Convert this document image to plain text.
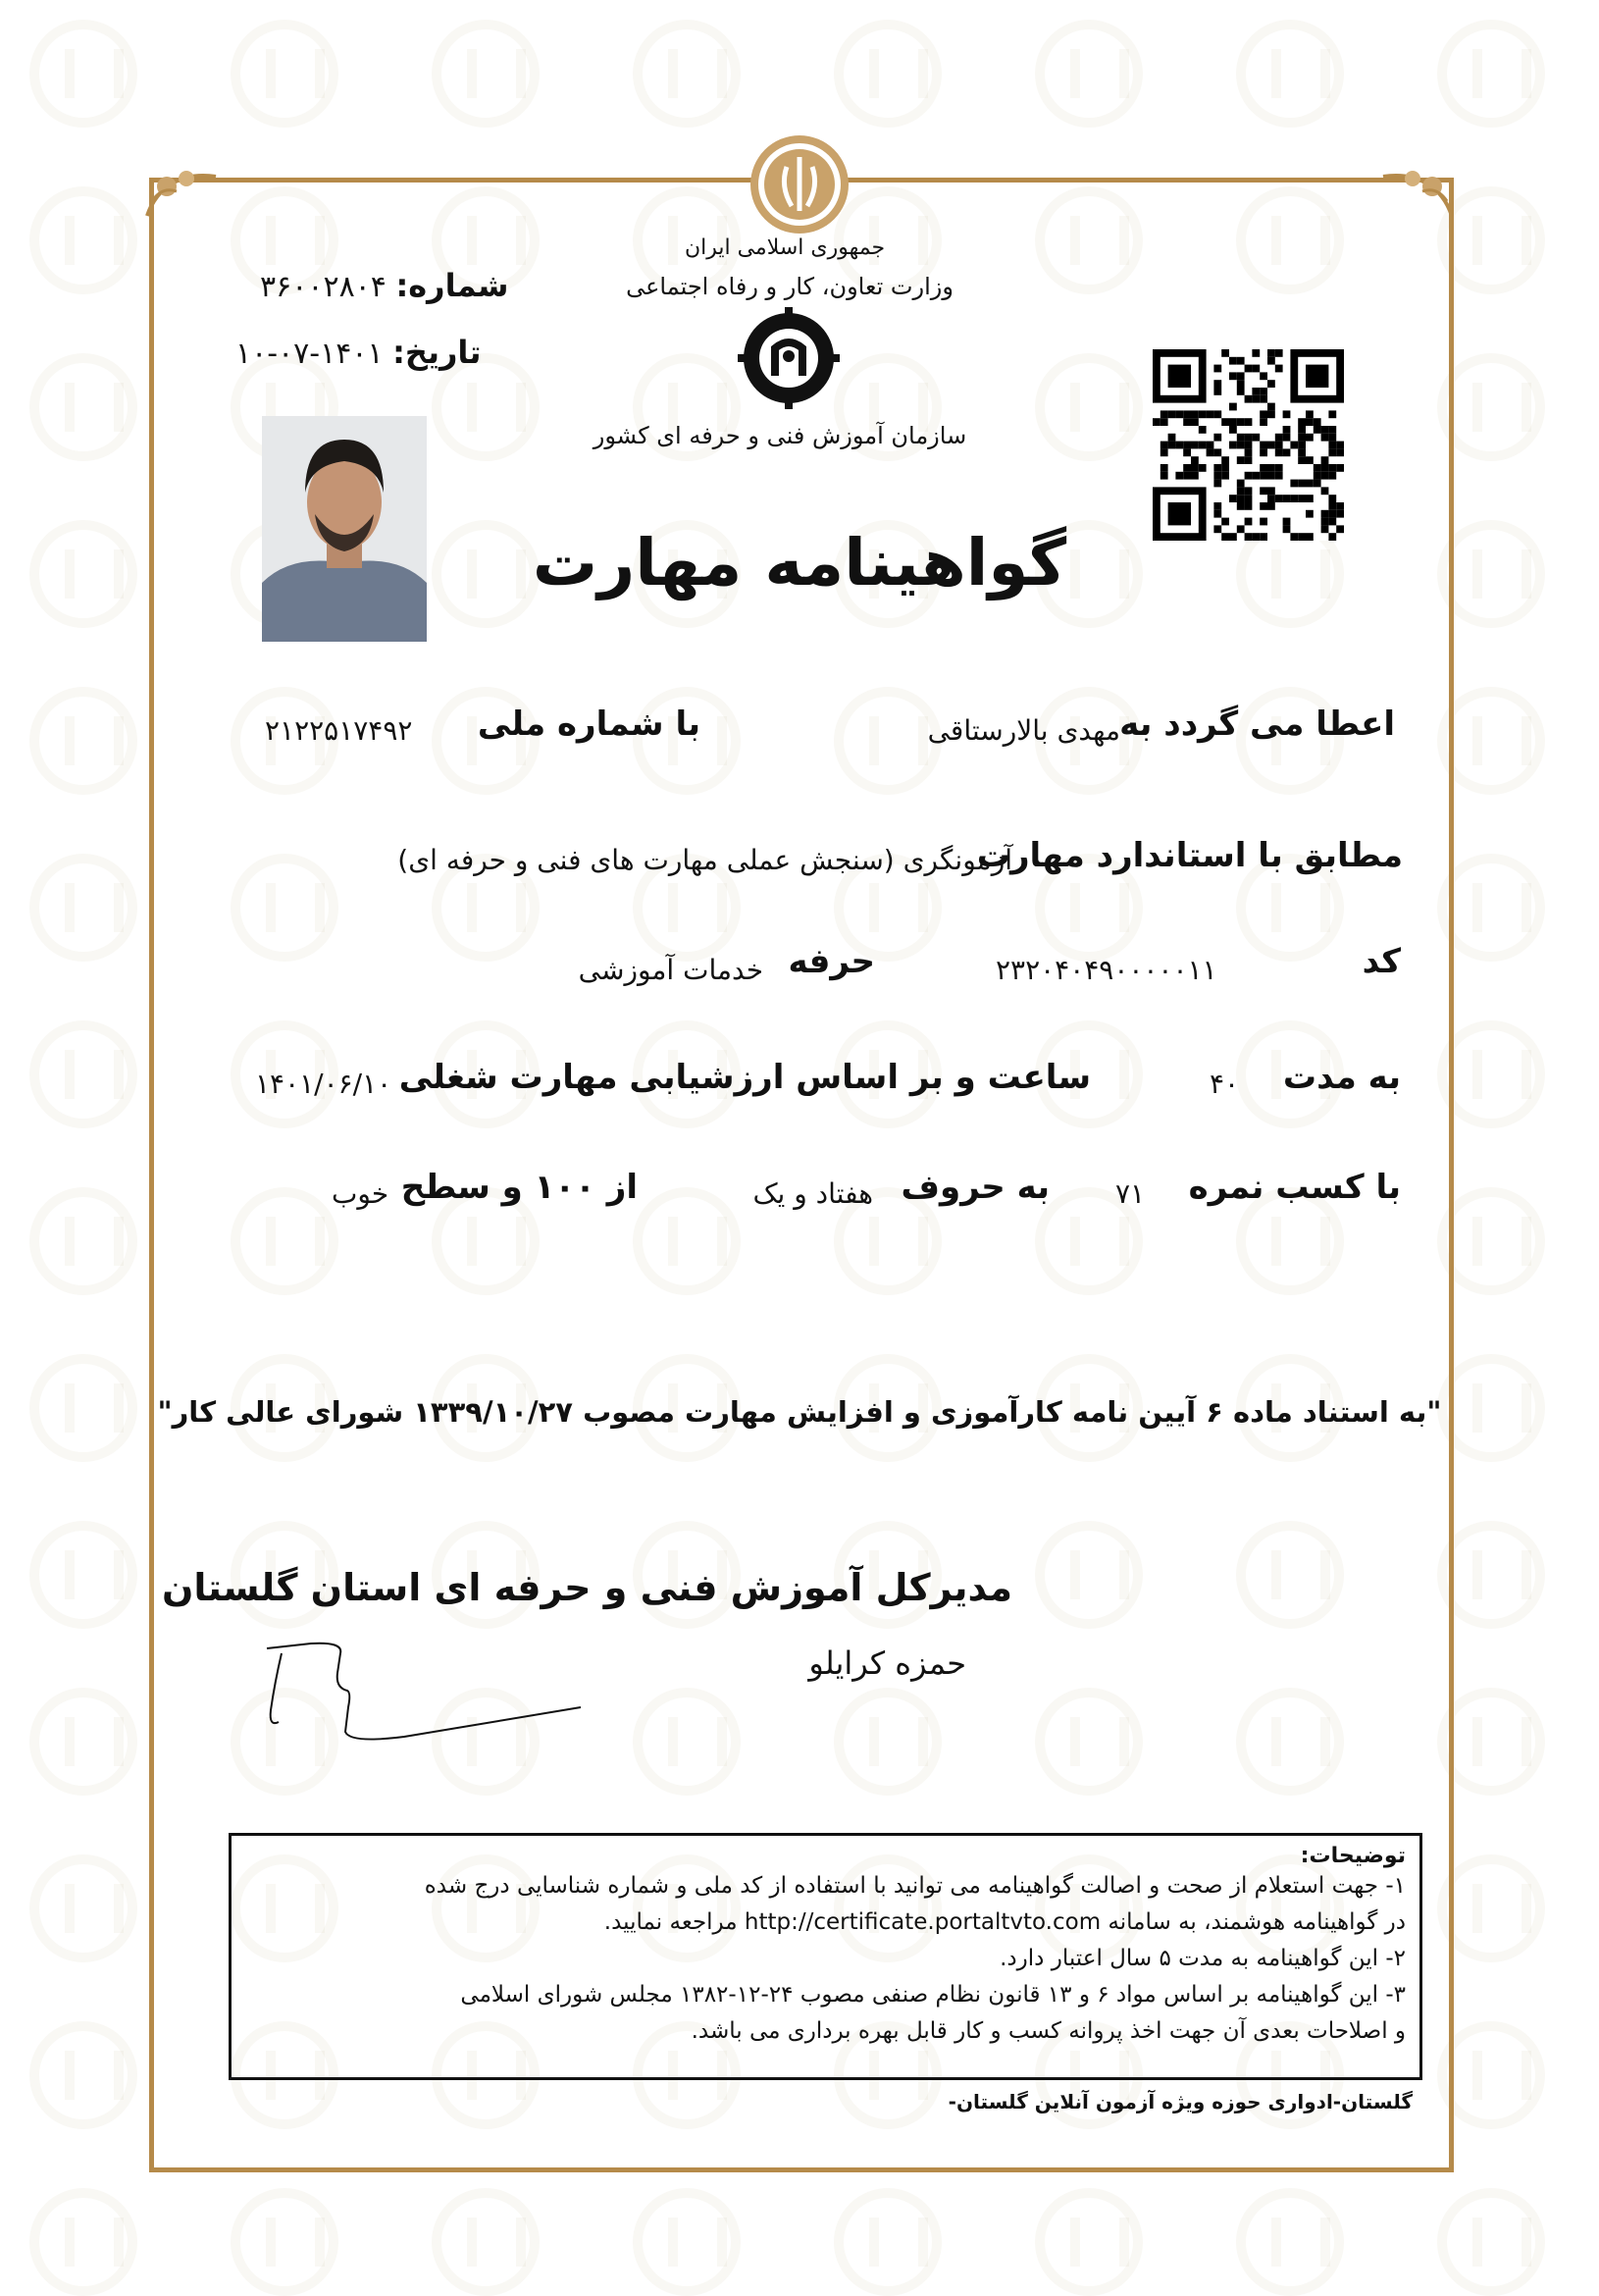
جمهوری اسلامی ایران
وزارت تعاون، کار و رفاه اجتماعی
سازمان آموزش فنی و حرفه ای کشور
شماره: ۳۶۰۰۲۸۰۴
تاریخ: ۱۴۰۱-۰۷-۱۰
گواهینامه مهارت
اعطا می گردد به
مهدی بالارستاقی
با شماره ملی
۲۱۲۲۵۱۷۴۹۲
مطابق با استاندارد مهارت
آزمونگری (سنجش عملی مهارت های فنی و حرفه ای)
کد
۲۳۲۰۴۰۴۹۰۰۰۰۰۱۱
حرفه
خدمات آموزشی
به مدت
۴۰
ساعت و بر اساس ارزشیابی مهارت شغلی
۱۴۰۱/۰۶/۱۰
با کسب نمره
۷۱
به حروف
هفتاد و یک
از ۱۰۰ و سطح
خوب
"به استناد ماده ۶ آیین نامه کارآموزی و افزایش مهارت مصوب ۱۳۳۹/۱۰/۲۷ شورای عالی کار"
مدیرکل آموزش فنی و حرفه ای استان گلستان
حمزه کرایلو
توضیحات:
۱- جهت استعلام از صحت و اصالت گواهینامه می توانید با استفاده از کد ملی و شماره شناسایی درج شده
در گواهینامه هوشمند، به سامانه http://certificate.portaltvto.com مراجعه نمایید.
۲- این گواهینامه به مدت ۵ سال اعتبار دارد.
۳- این گواهینامه بر اساس مواد ۶ و ۱۳ قانون نظام صنفی مصوب ۲۴-۱۲-۱۳۸۲ مجلس شورای اسلامی
و اصلاحات بعدی آن جهت اخذ پروانه کسب و کار قابل بهره برداری می باشد.
گلستان-ادواری حوزه ویژه آزمون آنلاین گلستان-
